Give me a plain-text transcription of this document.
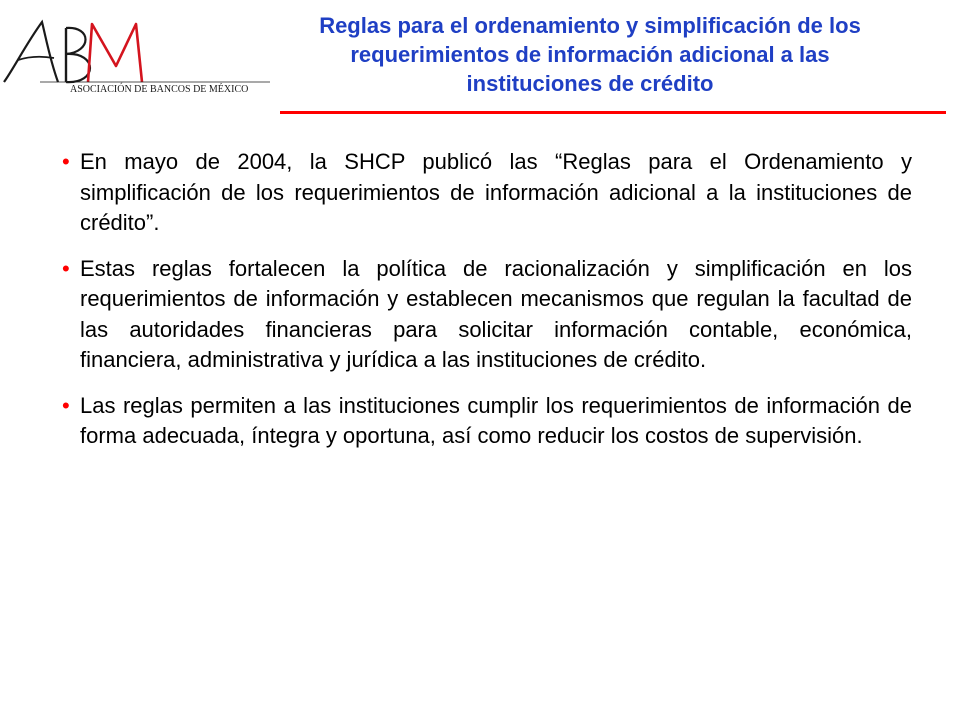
ASOCIACIÓN DE BANCOS DE MÉXICO
Reglas para el ordenamiento y simplificación de los
requerimientos de información adicional a las
instituciones de crédito
• En mayo de 2004, la SHCP publicó las “Reglas para el Ordenamiento y simplificación de los requerimientos de información adicional a la instituciones de crédito”.
• Estas reglas fortalecen la política de racionalización y simplificación en los requerimientos de información y establecen mecanismos que regulan la facultad de las autoridades financieras para solicitar información contable, económica, financiera, administrativa y jurídica a las instituciones de crédito.
• Las reglas permiten a las instituciones cumplir los requerimientos de información de forma adecuada, íntegra y oportuna, así como reducir los costos de supervisión.
